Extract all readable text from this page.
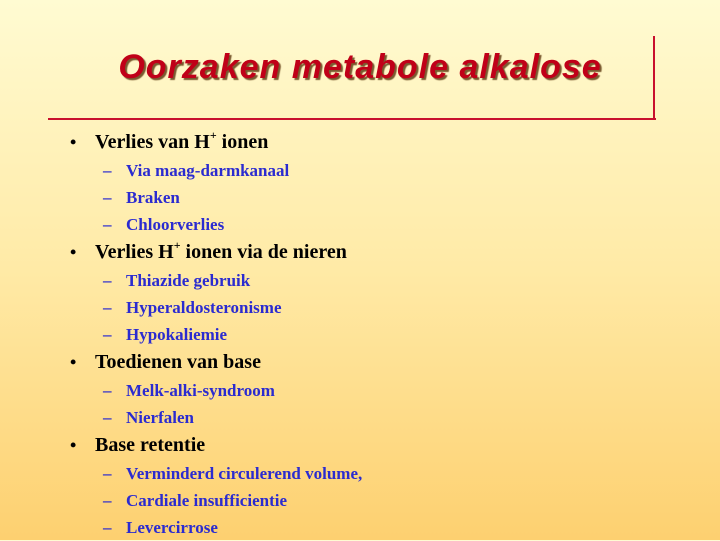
Oorzaken metabole alkalose
• Verlies van H+ ionen
– Via maag-darmkanaal
– Braken
– Chloorverlies
• Verlies H+ ionen via de nieren
– Thiazide gebruik
– Hyperaldosteronisme
– Hypokaliemie
• Toedienen van base
– Melk-alki-syndroom
– Nierfalen
• Base retentie
– Verminderd circulerend volume,
– Cardiale insufficientie
– Levercirrose
